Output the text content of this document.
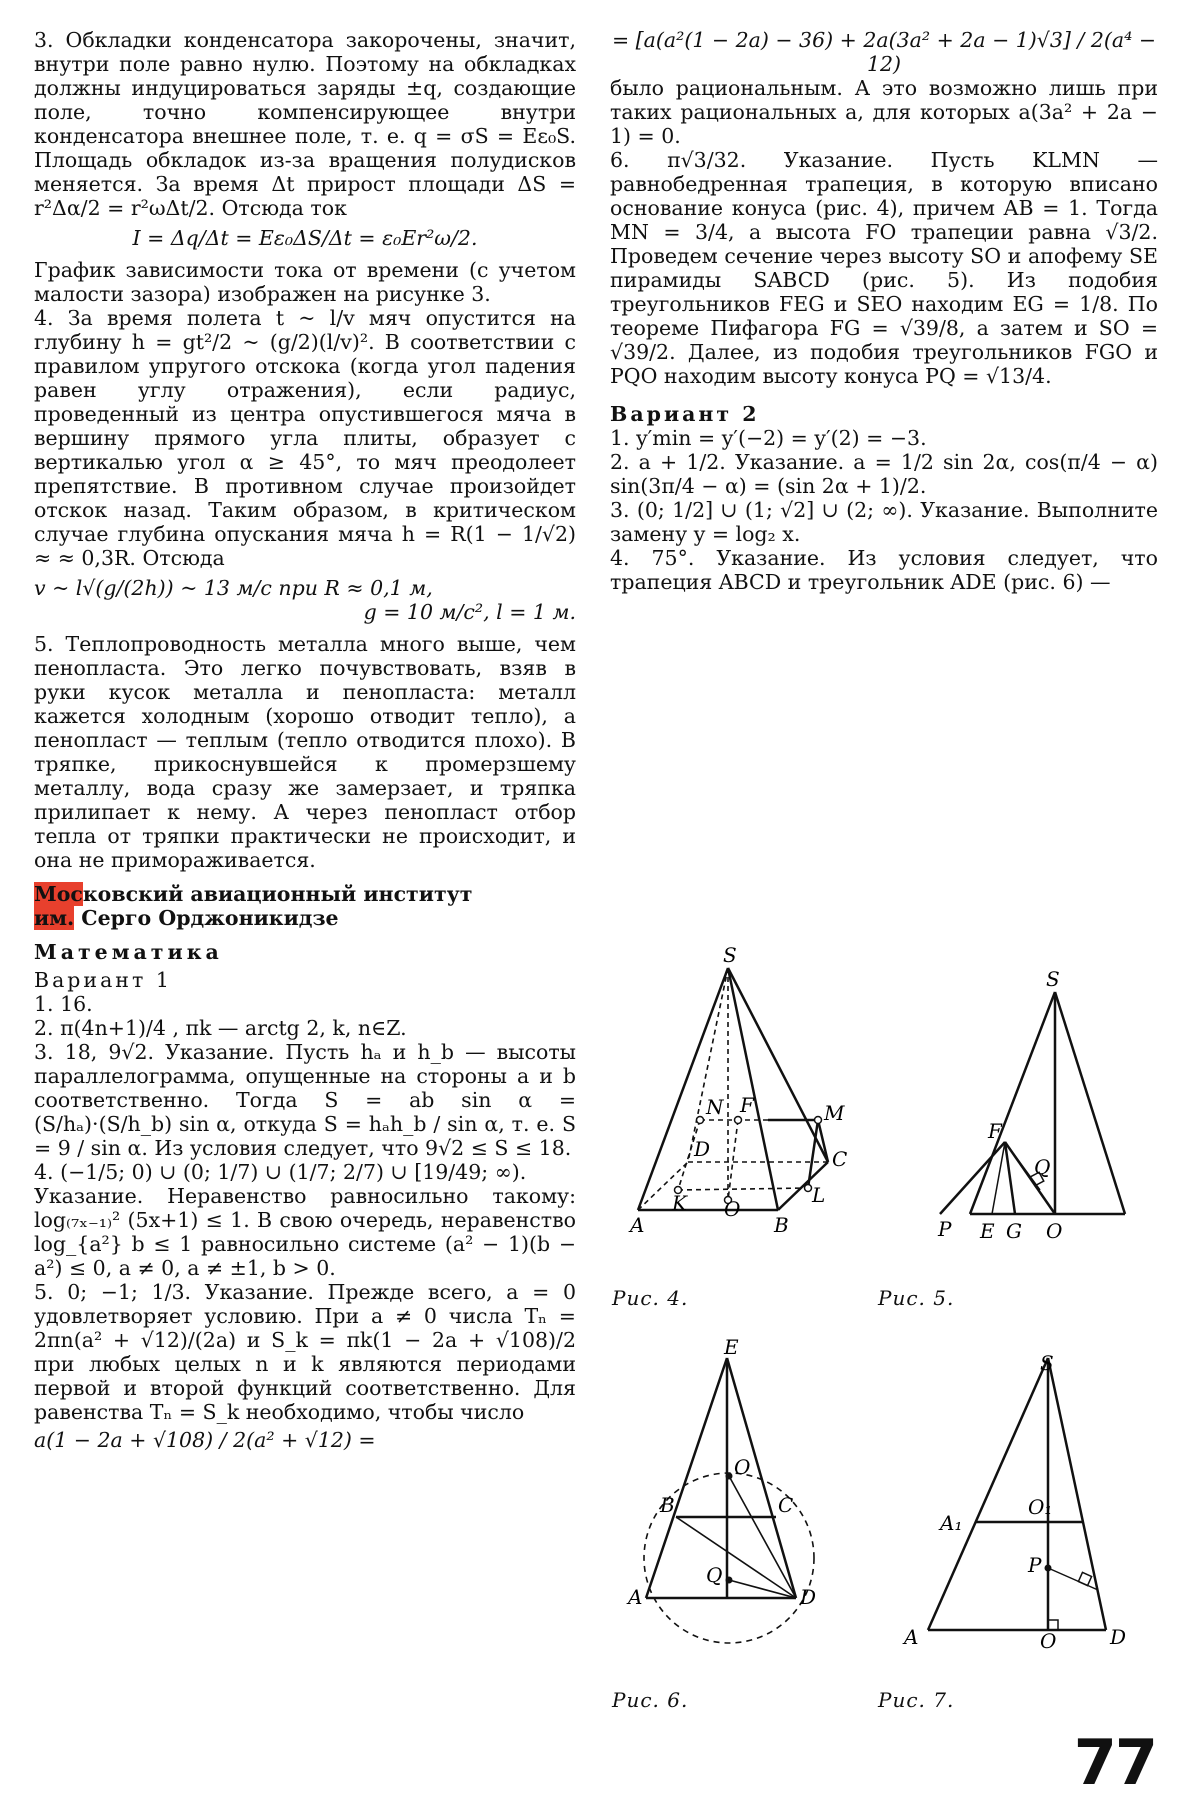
3. Обкладки конденсатора закорочены, значит, внутри поле равно нулю. Поэтому на обкладках должны индуцироваться заряды ±q, создающие поле, точно компенсирующее внутри конденсатора внешнее поле, т. е. q = σS = Eε₀S. Площадь обкладок из-за вращения полудисков меняется. За время Δt прирост площади ΔS = r²Δα/2 = r²ωΔt/2. Отсюда ток

I = Δq/Δt = Eε₀ΔS/Δt = ε₀Er²ω/2.

График зависимости тока от времени (с учетом малости зазора) изображен на рисунке 3.

4. За время полета t ~ l/v мяч опустится на глубину h = gt²/2 ~ (g/2)(l/v)². В соответствии с правилом упругого отскока (когда угол падения равен углу отражения), если радиус, проведенный из центра опустившегося мяча в вершину прямого угла плиты, образует с вертикалью угол α ≥ 45°, то мяч преодолеет препятствие. В противном случае произойдет отскок назад. Таким образом, в критическом случае глубина опускания мяча h = R(1 − 1/√2) ≈ ≈ 0,3R. Отсюда

v ~ l√(g/(2h)) ~ 13 м/с при R ≈ 0,1 м,

g = 10 м/с², l = 1 м.

5. Теплопроводность металла много выше, чем пенопласта. Это легко почувствовать, взяв в руки кусок металла и пенопласта: металл кажется холодным (хорошо отводит тепло), а пенопласт — теплым (тепло отводится плохо). В тряпке, прикоснувшейся к промерзшему металлу, вода сразу же замерзает, и тряпка прилипает к нему. А через пенопласт отбор тепла от тряпки практически не происходит, и она не примораживается.

Московский авиационный институт
им. Серго Орджоникидзе
Математика
Вариант 1

1. 16.

2. π(4n+1)/4 , πk — arctg 2, k, n∈Z.

3. 18, 9√2. Указание. Пусть hₐ и h_b — высоты параллелограмма, опущенные на стороны a и b соответственно. Тогда S = ab sin α = (S/hₐ)·(S/h_b) sin α, откуда S = hₐh_b / sin α, т. е. S = 9 / sin α. Из условия следует, что 9√2 ≤ S ≤ 18.

4. (−1/5; 0) ∪ (0; 1/7) ∪ (1/7; 2/7) ∪ [19/49; ∞).

Указание. Неравенство равносильно такому: log₍₇ₓ₋₁₎² (5x+1) ≤ 1. В свою очередь, неравенство log_{a²} b ≤ 1 равносильно системе (a² − 1)(b − a²) ≤ 0, a ≠ 0, a ≠ ±1, b > 0.

5. 0; −1; 1/3. Указание. Прежде всего, a = 0 удовлетворяет условию. При a ≠ 0 числа Tₙ = 2πn(a² + √12)/(2a) и S_k = πk(1 − 2a + √108)/2 при любых целых n и k являются периодами первой и второй функций соответственно. Для равенства Tₙ = S_k необходимо, чтобы число

a(1 − 2a + √108) / 2(a² + √12) =

= [a(a²(1 − 2a) − 36) + 2a(3a² + 2a − 1)√3] / 2(a⁴ − 12)

было рациональным. А это возможно лишь при таких рациональных a, для которых a(3a² + 2a − 1) = 0.

6. π√3/32. Указание. Пусть KLMN — равнобедренная трапеция, в которую вписано основание конуса (рис. 4), причем AB = 1. Тогда MN = 3/4, а высота FO трапеции равна √3/2. Проведем сечение через высоту SO и апофему SE пирамиды SABCD (рис. 5). Из подобия треугольников FEG и SEO находим EG = 1/8. По теореме Пифагора FG = √39/8, а затем и SO = √39/2. Далее, из подобия треугольников FGO и PQO находим высоту конуса PQ = √13/4.

Вариант 2

1. y′min = y′(−2) = y′(2) = −3.

2. a + 1/2. Указание. a = 1/2 sin 2α, cos(π/4 − α) sin(3π/4 − α) = (sin 2α + 1)/2.

3. (0; 1/2] ∪ (1; √2] ∪ (2; ∞). Указание. Выполните замену y = log₂ x.

4. 75°. Указание. Из условия следует, что трапеция ABCD и треугольник ADE (рис. 6) —

S
N F	M
D	C
K O
L
A	B
Рис. 4.
S
F
Q
P E G O
Рис. 5.
E
B
O
C
Q
A	D
Рис. 6.
S
O₁
A₁
P
A	O	D
Рис. 7.
77
